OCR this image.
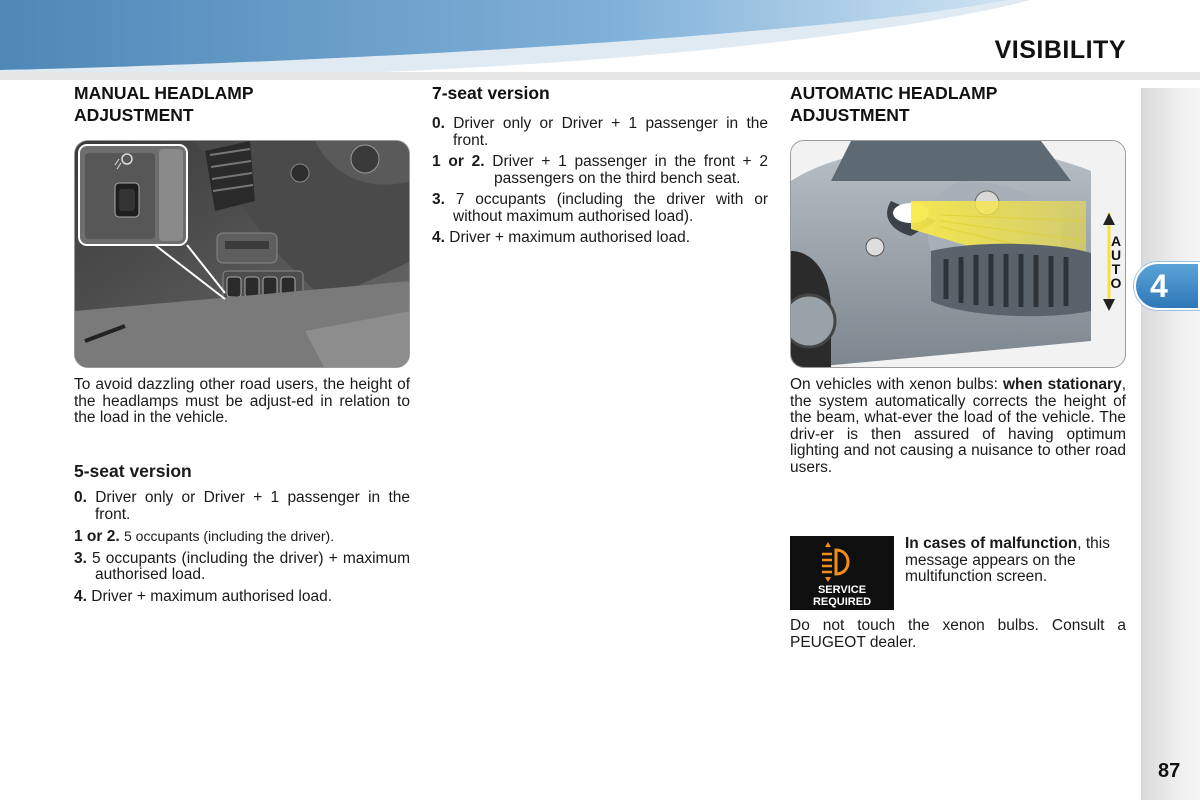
VISIBILITY
4
87
MANUAL HEADLAMP
ADJUSTMENT

To avoid dazzling other road users, the height of the headlamps must be adjust-ed in relation to the load in the vehicle.

5-seat version
0. Driver only or Driver + 1 passenger in the front.
1 or 2. 5 occupants (including the driver).
3. 5 occupants (including the driver) + maximum authorised load.
4. Driver + maximum authorised load.
7-seat version
0. Driver only or Driver + 1 passenger in the front.
1 or 2. Driver + 1 passenger in the front + 2 passengers on the third bench seat.
3. 7 occupants (including the driver with or without maximum authorised load).
4. Driver + maximum authorised load.
AUTOMATIC HEADLAMP
ADJUSTMENT
AUTO

On vehicles with xenon bulbs: when stationary, the system automatically corrects the height of the beam, what-ever the load of the vehicle. The driv-er is then assured of having optimum lighting and not causing a nuisance to other road users.

SERVICE
REQUIRED

In cases of malfunction, this message appears on the multifunction screen.

Do not touch the xenon bulbs. Consult a PEUGEOT dealer.
